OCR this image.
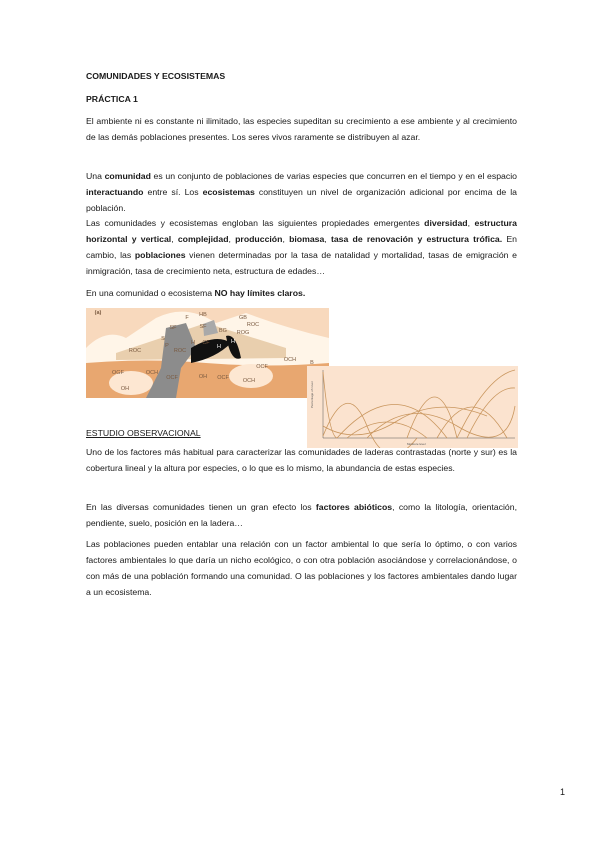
COMUNIDADES Y ECOSISTEMAS
PRÁCTICA 1
El ambiente ni es constante ni ilimitado, las especies supeditan su crecimiento a ese ambiente y al crecimiento de las demás poblaciones presentes. Los seres vivos raramente se distribuyen al azar.
Una comunidad es un conjunto de poblaciones de varias especies que concurren en el tiempo y en el espacio interactuando entre sí. Los ecosistemas constituyen un nivel de organización adicional por encima de la población.
Las comunidades y ecosistemas engloban las siguientes propiedades emergentes diversidad, estructura horizontal y vertical, complejidad, producción, biomasa, tasa de renovación y estructura trófica. En cambio, las poblaciones vienen determinadas por la tasa de natalidad y mortalidad, tasas de emigración e inmigración, tasa de crecimiento neta, estructura de edades…
En una comunidad o ecosistema NO hay límites claros.
(a)	HB
F
SF	SF
GB
ROC
BG ROG
S
P	H CF
H
H
ROC	ROC
OCH
OGF	OCH
OCF	OH OCF	OCH
OCF
OH
B
Percentage of cover
Moisture level
ESTUDIO OBSERVACIONAL
Uno de los factores más habitual para caracterizar las comunidades de laderas contrastadas (norte y sur) es la cobertura lineal y la altura por especies, o lo que es lo mismo, la abundancia de estas especies.
En las diversas comunidades tienen un gran efecto los factores abióticos, como la litología, orientación, pendiente, suelo, posición en la ladera…
Las poblaciones pueden entablar una relación con un factor ambiental lo que sería lo óptimo, o con varios factores ambientales lo que daría un nicho ecológico, o con otra población asociándose y correlacionándose, o con más de una población formando una comunidad. O las poblaciones y los factores ambientales dando lugar a un ecosistema.
1
